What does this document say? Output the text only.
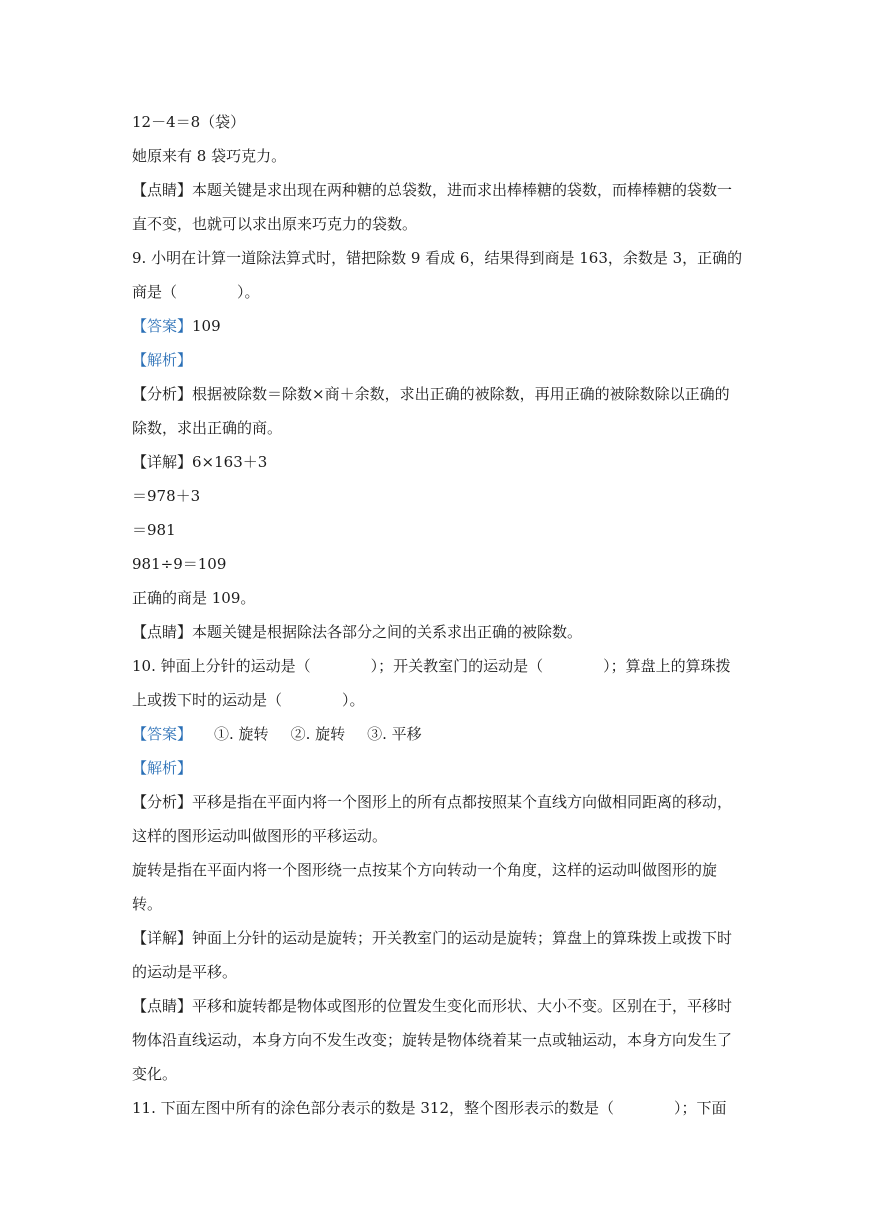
12－4＝8（袋）
她原来有 8 袋巧克力。
【点睛】本题关键是求出现在两种糖的总袋数，进而求出棒棒糖的袋数，而棒棒糖的袋数一
直不变，也就可以求出原来巧克力的袋数。
9. 小明在计算一道除法算式时，错把除数 9 看成 6，结果得到商是 163，余数是 3，正确的
商是（　　　　）。
【答案】109
【解析】
【分析】根据被除数＝除数×商＋余数，求出正确的被除数，再用正确的被除数除以正确的
除数，求出正确的商。
【详解】6×163＋3
＝978＋3
＝981
981÷9＝109
正确的商是 109。
【点睛】本题关键是根据除法各部分之间的关系求出正确的被除数。
10. 钟面上分针的运动是（　　　　）；开关教室门的运动是（　　　　）；算盘上的算珠拨
上或拨下时的运动是（　　　　）。
【答案】 ①. 旋转 ②. 旋转 ③. 平移
【解析】
【分析】平移是指在平面内将一个图形上的所有点都按照某个直线方向做相同距离的移动，
这样的图形运动叫做图形的平移运动。
旋转是指在平面内将一个图形绕一点按某个方向转动一个角度，这样的运动叫做图形的旋
转。
【详解】钟面上分针的运动是旋转；开关教室门的运动是旋转；算盘上的算珠拨上或拨下时
的运动是平移。
【点睛】平移和旋转都是物体或图形的位置发生变化而形状、大小不变。区别在于，平移时
物体沿直线运动，本身方向不发生改变；旋转是物体绕着某一点或轴运动，本身方向发生了
变化。
11. 下面左图中所有的涂色部分表示的数是 312，整个图形表示的数是（　　　　）；下面
